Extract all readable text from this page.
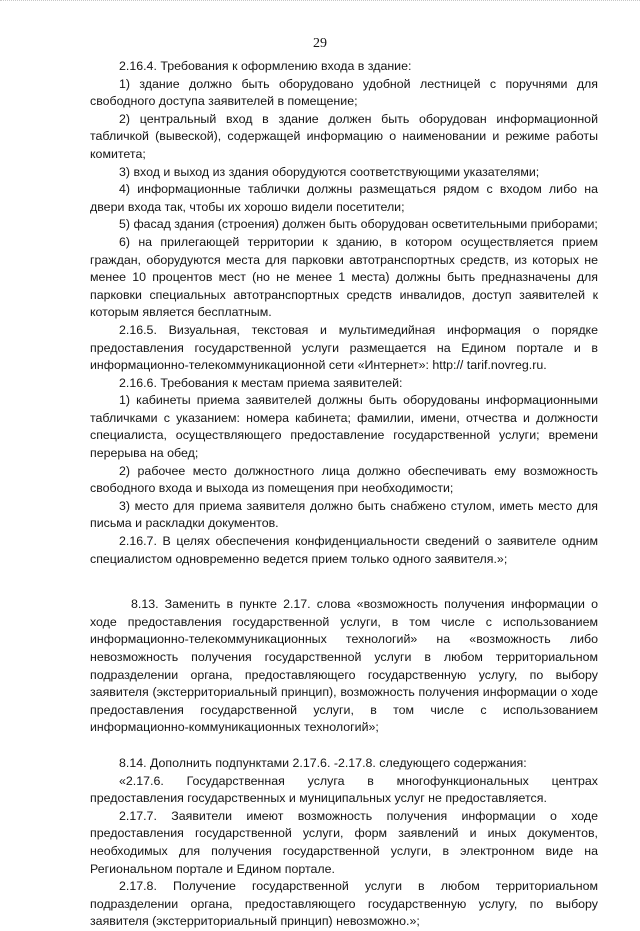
29

2.16.4. Требования к оформлению входа в здание:

1) здание должно быть оборудовано удобной лестницей с поручнями для свободного доступа заявителей в помещение;

2) центральный вход в здание должен быть оборудован информационной табличкой (вывеской), содержащей информацию о наименовании и режиме работы комитета;

3) вход и выход из здания оборудуются соответствующими указателями;

4) информационные таблички должны размещаться рядом с входом либо на двери входа так, чтобы их хорошо видели посетители;

5) фасад здания (строения) должен быть оборудован осветительными приборами;

6) на прилегающей территории к зданию, в котором осуществляется прием граждан, оборудуются места для парковки автотранспортных средств, из которых не менее 10 процентов мест (но не менее 1 места) должны быть предназначены для парковки специальных автотранспортных средств инвалидов, доступ заявителей к которым является бесплатным.

2.16.5. Визуальная, текстовая и мультимедийная информация о порядке предоставления государственной услуги размещается на Едином портале и в информационно-телекоммуникационной сети «Интернет»: http:// tarif.novreg.ru.

2.16.6. Требования к местам приема заявителей:

1) кабинеты приема заявителей должны быть оборудованы информационными табличками с указанием: номера кабинета; фамилии, имени, отчества и должности специалиста, осуществляющего предоставление государственной услуги; времени перерыва на обед;

2) рабочее место должностного лица должно обеспечивать ему возможность свободного входа и выхода из помещения при необходимости;

3) место для приема заявителя должно быть снабжено стулом, иметь место для письма и раскладки документов.

2.16.7. В целях обеспечения конфиденциальности сведений о заявителе одним специалистом одновременно ведется прием только одного заявителя.»;

8.13. Заменить в пункте 2.17. слова «возможность получения информации о ходе предоставления государственной услуги, в том числе с использованием информационно-телекоммуникационных технологий» на «возможность либо невозможность получения государственной услуги в любом территориальном подразделении органа, предоставляющего государственную услугу, по выбору заявителя (экстерриториальный принцип), возможность получения информации о ходе предоставления государственной услуги, в том числе с использованием информационно-коммуникационных технологий»;

8.14. Дополнить подпунктами 2.17.6. -2.17.8. следующего содержания:

«2.17.6. Государственная услуга в многофункциональных центрах предоставления государственных и муниципальных услуг не предоставляется.

2.17.7. Заявители имеют возможность получения информации о ходе предоставления государственной услуги, форм заявлений и иных документов, необходимых для получения государственной услуги, в электронном виде на Региональном портале и Едином портале.

2.17.8. Получение государственной услуги в любом территориальном подразделении органа, предоставляющего государственную услугу, по выбору заявителя (экстерриториальный принцип) невозможно.»;
